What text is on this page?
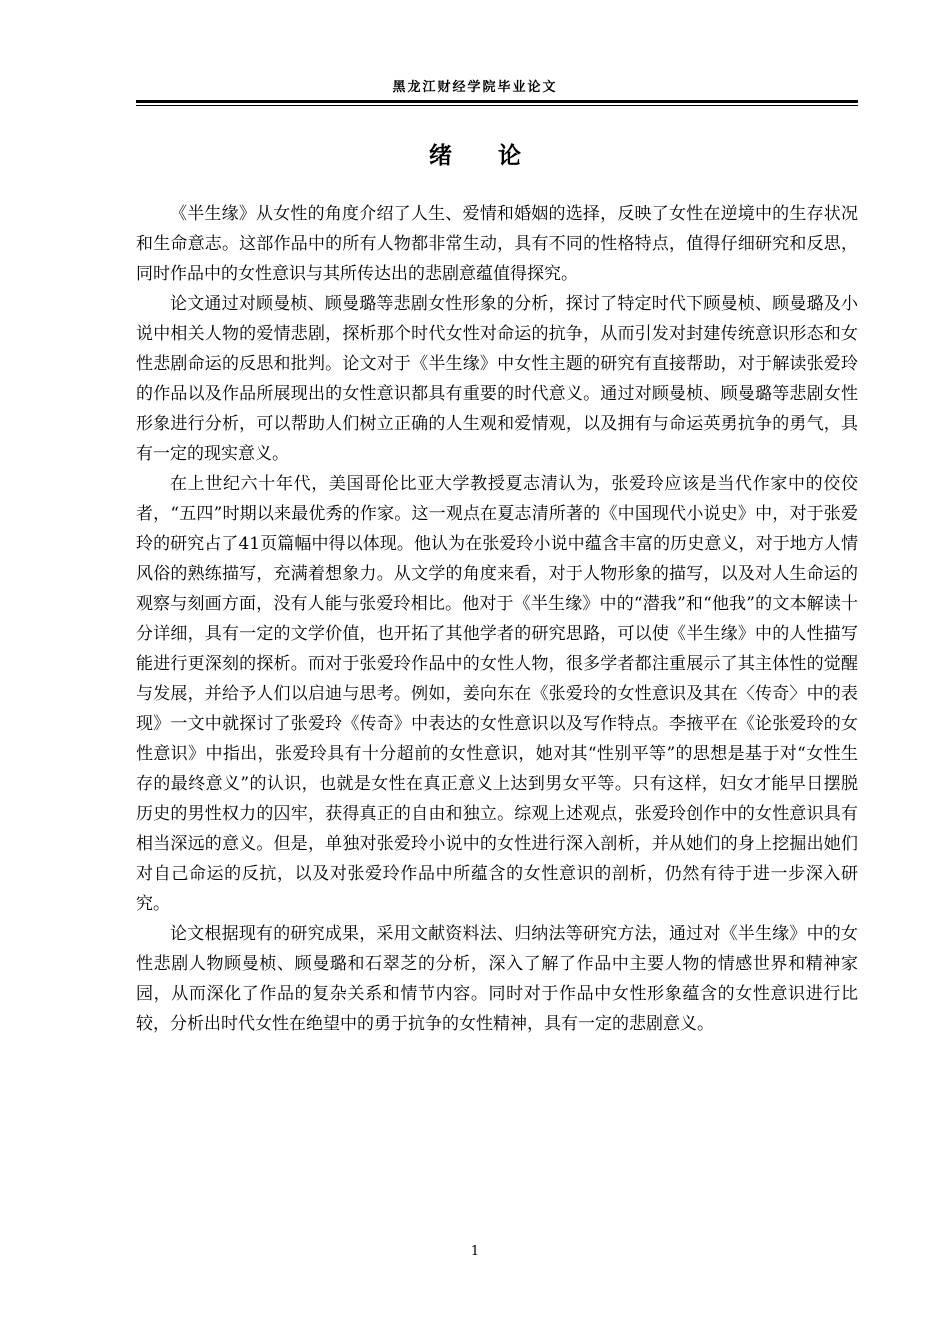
黑龙江财经学院毕业论文
绪论

《半生缘》从女性的角度介绍了人生、爱情和婚姻的选择，反映了女性在逆境中的生存状况和生命意志。这部作品中的所有人物都非常生动，具有不同的性格特点，值得仔细研究和反思，同时作品中的女性意识与其所传达出的悲剧意蕴值得探究。

论文通过对顾曼桢、顾曼璐等悲剧女性形象的分析，探讨了特定时代下顾曼桢、顾曼璐及小说中相关人物的爱情悲剧，探析那个时代女性对命运的抗争，从而引发对封建传统意识形态和女性悲剧命运的反思和批判。论文对于《半生缘》中女性主题的研究有直接帮助，对于解读张爱玲的作品以及作品所展现出的女性意识都具有重要的时代意义。通过对顾曼桢、顾曼璐等悲剧女性形象进行分析，可以帮助人们树立正确的人生观和爱情观，以及拥有与命运英勇抗争的勇气，具有一定的现实意义。

在上世纪六十年代，美国哥伦比亚大学教授夏志清认为，张爱玲应该是当代作家中的佼佼者，“五四”时期以来最优秀的作家。这一观点在夏志清所著的《中国现代小说史》中，对于张爱玲的研究占了41页篇幅中得以体现。他认为在张爱玲小说中蕴含丰富的历史意义，对于地方人情风俗的熟练描写，充满着想象力。从文学的角度来看，对于人物形象的描写，以及对人生命运的观察与刻画方面，没有人能与张爱玲相比。他对于《半生缘》中的“潜我”和“他我”的文本解读十分详细，具有一定的文学价值，也开拓了其他学者的研究思路，可以使《半生缘》中的人性描写能进行更深刻的探析。而对于张爱玲作品中的女性人物，很多学者都注重展示了其主体性的觉醒与发展，并给予人们以启迪与思考。例如，姜向东在《张爱玲的女性意识及其在〈传奇〉中的表现》一文中就探讨了张爱玲《传奇》中表达的女性意识以及写作特点。李掖平在《论张爱玲的女性意识》中指出，张爱玲具有十分超前的女性意识，她对其“性别平等”的思想是基于对“女性生存的最终意义”的认识，也就是女性在真正意义上达到男女平等。只有这样，妇女才能早日摆脱历史的男性权力的囚牢，获得真正的自由和独立。综观上述观点，张爱玲创作中的女性意识具有相当深远的意义。但是，单独对张爱玲小说中的女性进行深入剖析，并从她们的身上挖掘出她们对自己命运的反抗，以及对张爱玲作品中所蕴含的女性意识的剖析，仍然有待于进一步深入研究。

论文根据现有的研究成果，采用文献资料法、归纳法等研究方法，通过对《半生缘》中的女性悲剧人物顾曼桢、顾曼璐和石翠芝的分析，深入了解了作品中主要人物的情感世界和精神家园，从而深化了作品的复杂关系和情节内容。同时对于作品中女性形象蕴含的女性意识进行比较，分析出时代女性在绝望中的勇于抗争的女性精神，具有一定的悲剧意义。

1
